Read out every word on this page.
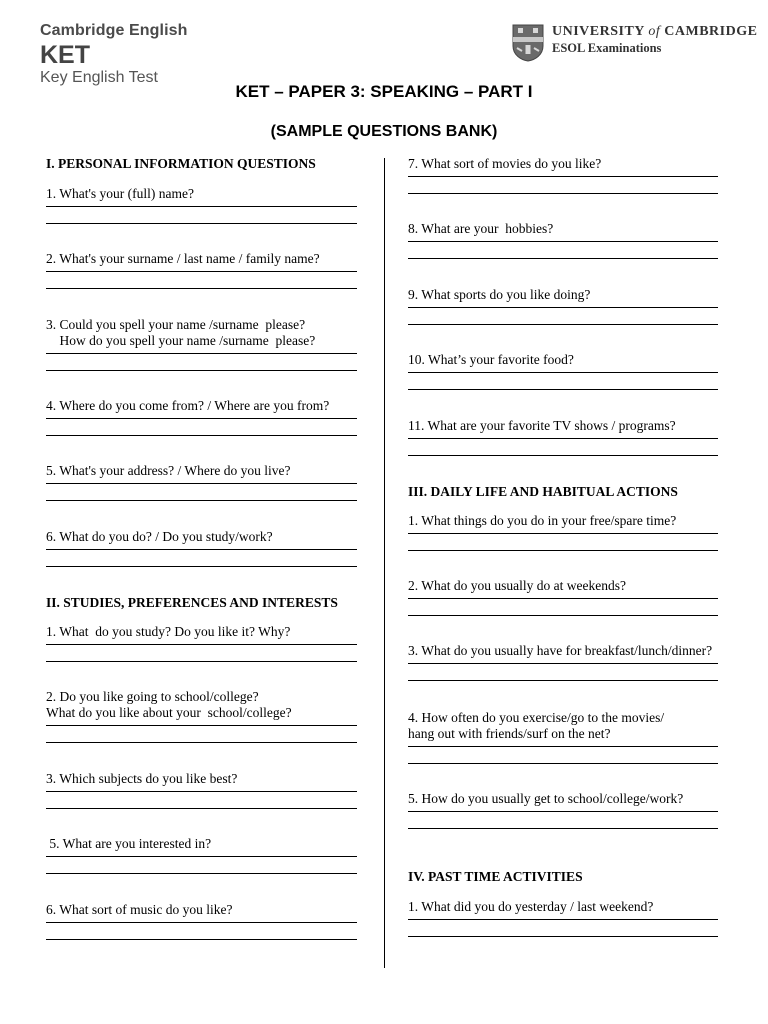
Cambridge English
KET
Key English Test
UNIVERSITY of CAMBRIDGE
ESOL Examinations
KET – PAPER 3: SPEAKING – PART I
(SAMPLE QUESTIONS BANK)
I. PERSONAL INFORMATION QUESTIONS
1. What's your (full) name?
2. What's your surname / last name / family name?
3. Could you spell your name /surname  please?
How do you spell your name /surname  please?
4. Where do you come from? / Where are you from?
5. What's your address? / Where do you live?
6. What do you do? / Do you study/work?
II. STUDIES, PREFERENCES AND INTERESTS
1. What  do you study? Do you like it? Why?
2. Do you like going to school/college?
What do you like about your  school/college?
3. Which subjects do you like best?
5. What are you interested in?
6. What sort of music do you like?
7. What sort of movies do you like?
8. What are your  hobbies?
9. What sports do you like doing?
10. What’s your favorite food?
11. What are your favorite TV shows / programs?
III. DAILY LIFE AND HABITUAL ACTIONS
1. What things do you do in your free/spare time?
2. What do you usually do at weekends?
3. What do you usually have for breakfast/lunch/dinner?
4. How often do you exercise/go to the movies/
hang out with friends/surf on the net?
5. How do you usually get to school/college/work?
IV. PAST TIME ACTIVITIES
1. What did you do yesterday / last weekend?
